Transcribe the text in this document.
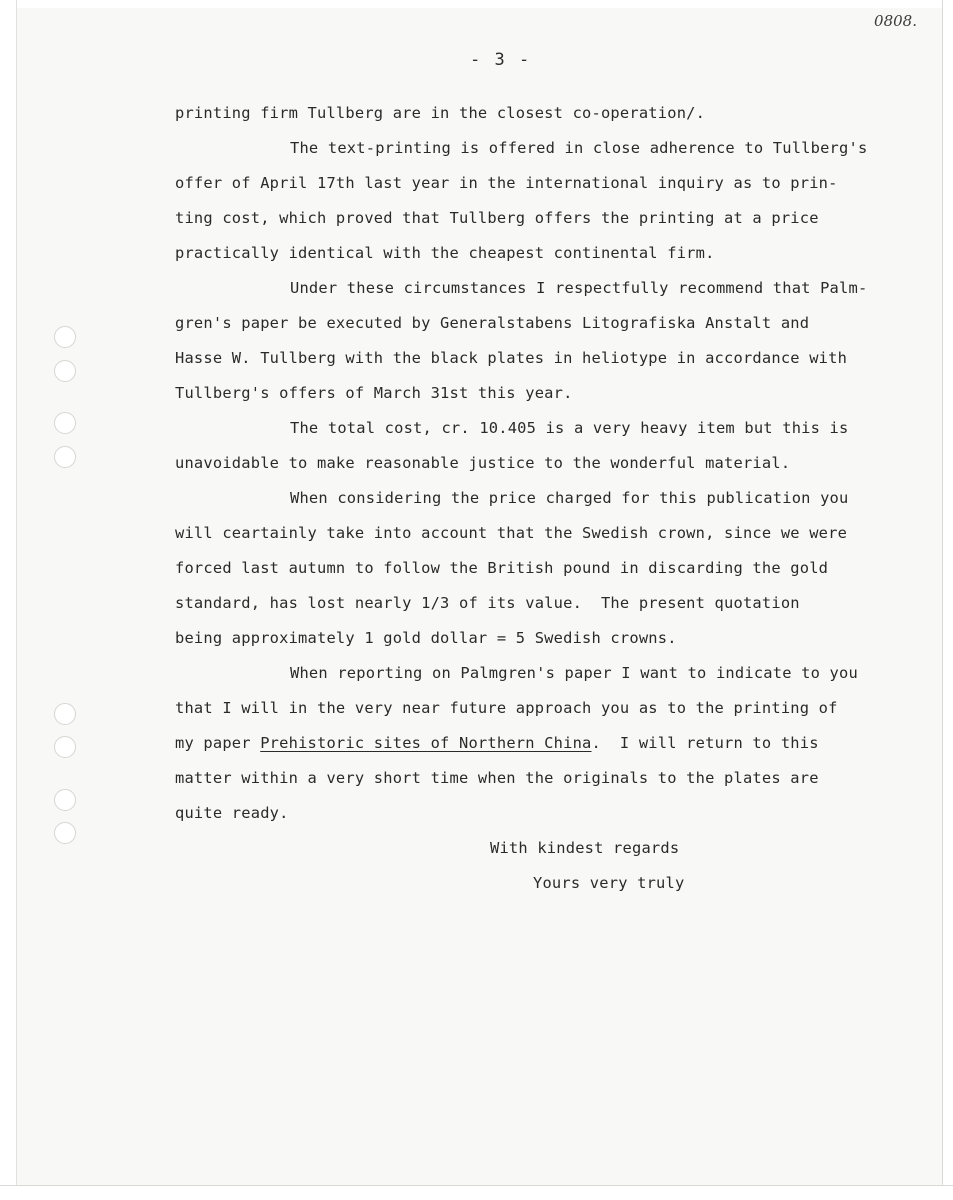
0808.
- 3 -
printing firm Tullberg are in the closest co-operation/.
The text-printing is offered in close adherence to Tullberg's
offer of April 17th last year in the international inquiry as to prin-
ting cost, which proved that Tullberg offers the printing at a price
practically identical with the cheapest continental firm.
Under these circumstances I respectfully recommend that Palm-
gren's paper be executed by Generalstabens Litografiska Anstalt and
Hasse W. Tullberg with the black plates in heliotype in accordance with
Tullberg's offers of March 31st this year.
The total cost, cr. 10.405 is a very heavy item but this is
unavoidable to make reasonable justice to the wonderful material.
When considering the price charged for this publication you
will ceartainly take into account that the Swedish crown, since we were
forced last autumn to follow the British pound in discarding the gold
standard, has lost nearly 1/3 of its value.  The present quotation
being approximately 1 gold dollar = 5 Swedish crowns.
When reporting on Palmgren's paper I want to indicate to you
that I will in the very near future approach you as to the printing of
my paper Prehistoric sites of Northern China.  I will return to this
matter within a very short time when the originals to the plates are
quite ready.
With kindest regards
Yours very truly
